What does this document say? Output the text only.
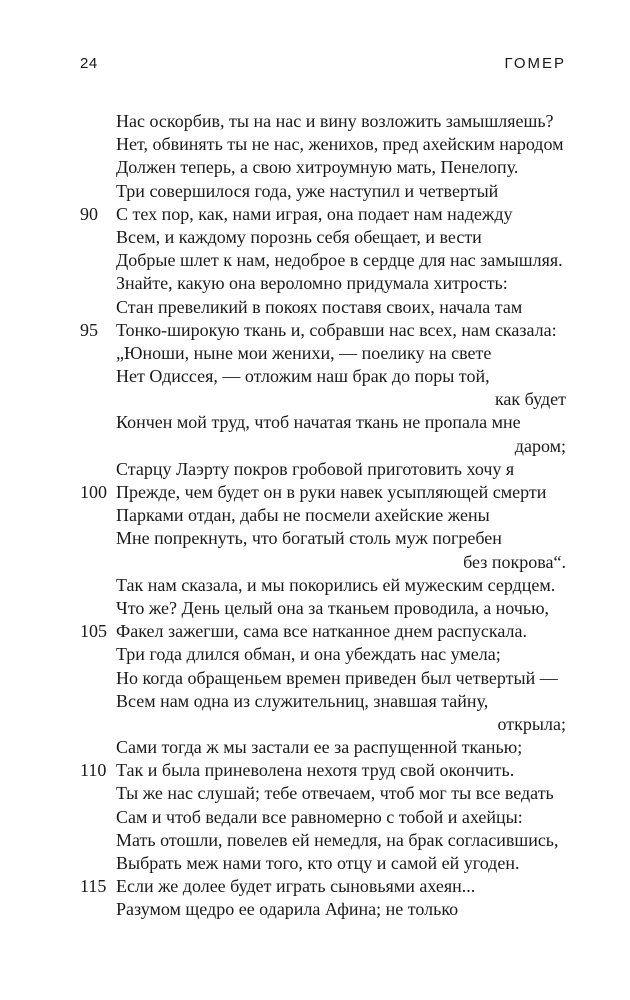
24	ГОМЕР
Нас оскорбив, ты на нас и вину возложить замышляешь?
Нет, обвинять ты не нас, женихов, пред ахейским народом
Должен теперь, а свою хитроумную мать, Пенелопу.
Три совершилося года, уже наступил и четвертый
90	С тех пор, как, нами играя, она подает нам надежду
Всем, и каждому порознь себя обещает, и вести
Добрые шлет к нам, недоброе в сердце для нас замышляя.
Знайте, какую она вероломно придумала хитрость:
Стан превеликий в покоях поставя своих, начала там
95	Тонко-широкую ткань и, собравши нас всех, нам сказала:
„Юноши, ныне мои женихи, — поелику на свете
Нет Одиссея, — отложим наш брак до поры той,
как будет
Кончен мой труд, чтоб начатая ткань не пропала мне
даром;
Старцу Лаэрту покров гробовой приготовить хочу я
100 Прежде, чем будет он в руки навек усыпляющей смерти
Парками отдан, дабы не посмели ахейские жены
Мне попрекнуть, что богатый столь муж погребен
без покрова“.
Так нам сказала, и мы покорились ей мужеским сердцем.
Что же? День целый она за тканьем проводила, а ночью,
105 Факел зажегши, сама все натканное днем распускала.
Три года длился обман, и она убеждать нас умела;
Но когда обращеньем времен приведен был четвертый —
Всем нам одна из служительниц, знавшая тайну,
открыла;
Сами тогда ж мы застали ее за распущенной тканью;
110 Так и была приневолена нехотя труд свой окончить.
Ты же нас слушай; тебе отвечаем, чтоб мог ты все ведать
Сам и чтоб ведали все равномерно с тобой и ахейцы:
Мать отошли, повелев ей немедля, на брак согласившись,
Выбрать меж нами того, кто отцу и самой ей угоден.
115 Если же долее будет играть сыновьями ахеян...
Разумом щедро ее одарила Афина; не только
